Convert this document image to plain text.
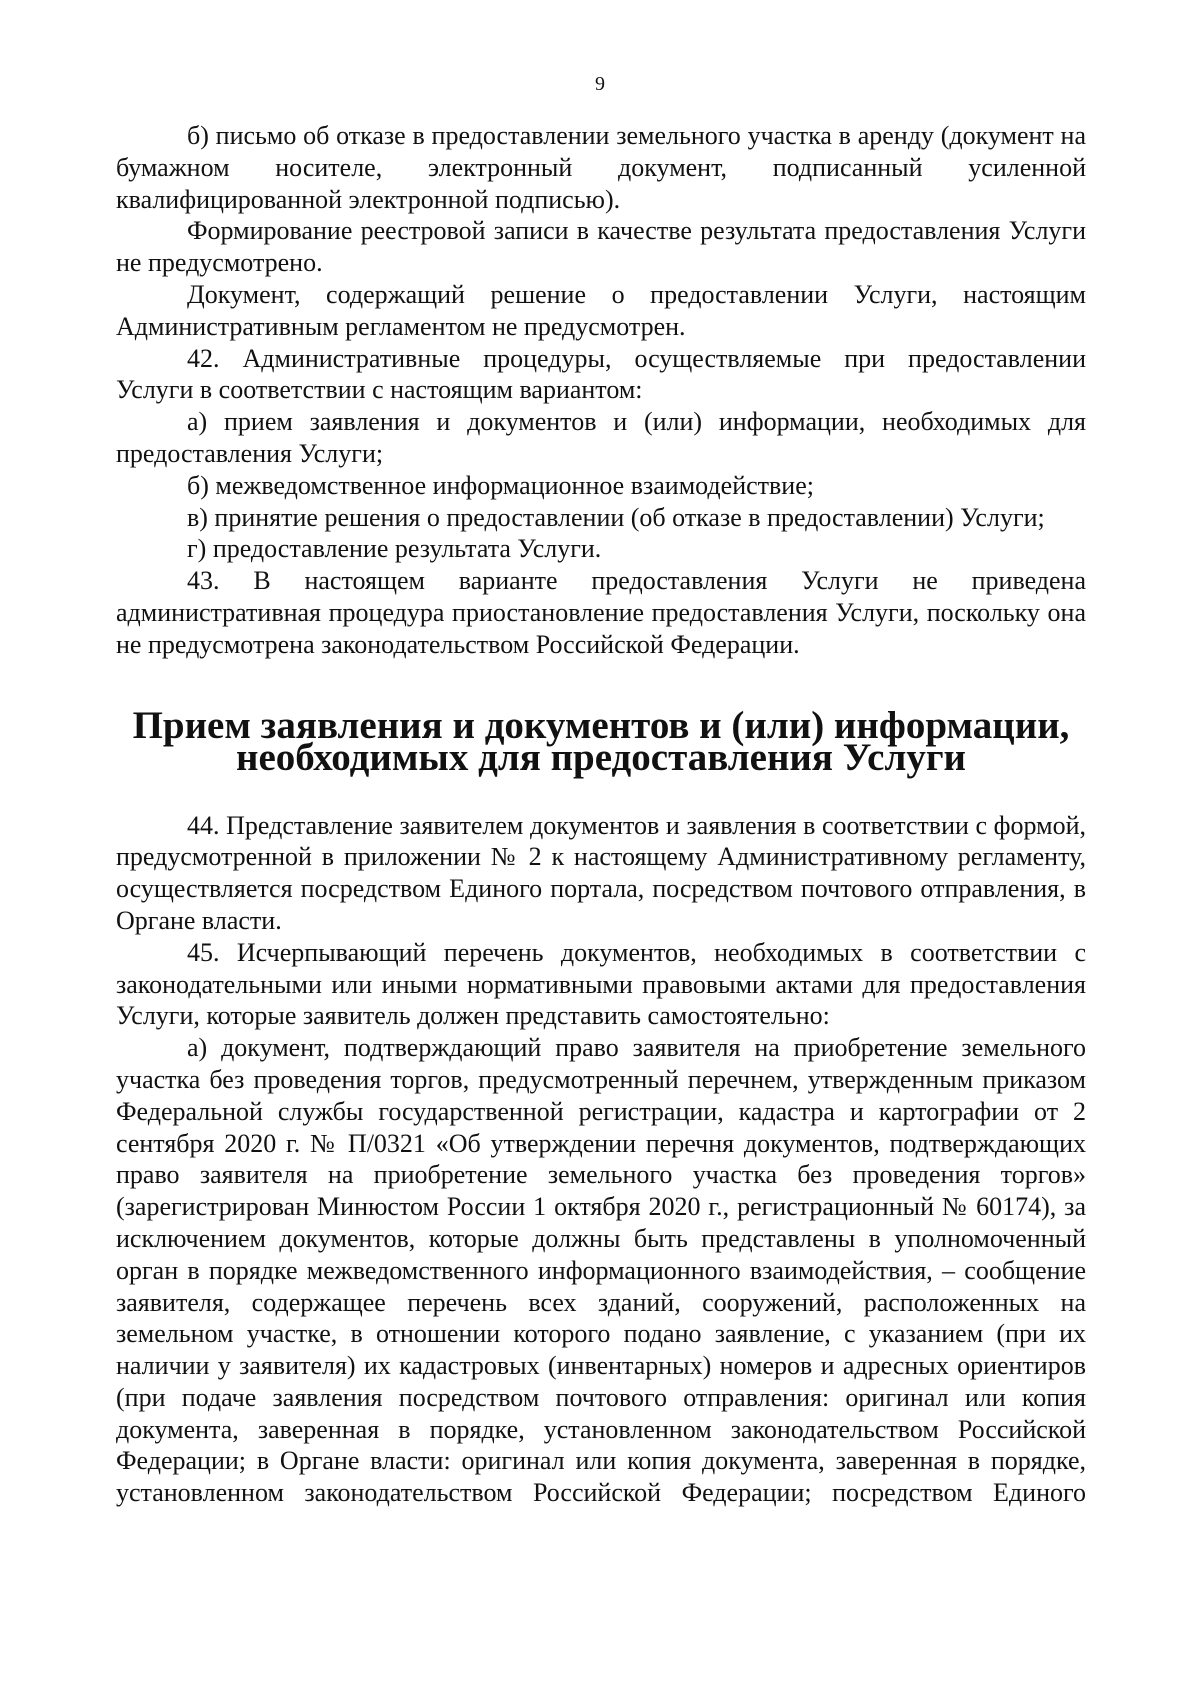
9

б) письмо об отказе в предоставлении земельного участка в аренду (документ на бумажном носителе, электронный документ, подписанный усиленной квалифицированной электронной подписью).

Формирование реестровой записи в качестве результата предоставления Услуги не предусмотрено.

Документ, содержащий решение о предоставлении Услуги, настоящим Административным регламентом не предусмотрен.

42. Административные процедуры, осуществляемые при предоставлении Услуги в соответствии с настоящим вариантом:

а) прием заявления и документов и (или) информации, необходимых для предоставления Услуги;

б) межведомственное информационное взаимодействие;

в) принятие решения о предоставлении (об отказе в предоставлении) Услуги;

г) предоставление результата Услуги.

43. В настоящем варианте предоставления Услуги не приведена административная процедура приостановление предоставления Услуги, поскольку она не предусмотрена законодательством Российской Федерации.

Прием заявления и документов и (или) информации, необходимых для предоставления Услуги

44. Представление заявителем документов и заявления в соответствии с формой, предусмотренной в приложении № 2 к настоящему Административному регламенту, осуществляется посредством Единого портала, посредством почтового отправления, в Органе власти.

45. Исчерпывающий перечень документов, необходимых в соответствии с законодательными или иными нормативными правовыми актами для предоставления Услуги, которые заявитель должен представить самостоятельно:

а) документ, подтверждающий право заявителя на приобретение земельного участка без проведения торгов, предусмотренный перечнем, утвержденным приказом Федеральной службы государственной регистрации, кадастра и картографии от 2 сентября 2020 г. № П/0321 «Об утверждении перечня документов, подтверждающих право заявителя на приобретение земельного участка без проведения торгов» (зарегистрирован Минюстом России 1 октября 2020 г., регистрационный № 60174), за исключением документов, которые должны быть представлены в уполномоченный орган в порядке межведомственного информационного взаимодействия, – сообщение заявителя, содержащее перечень всех зданий, сооружений, расположенных на земельном участке, в отношении которого подано заявление, с указанием (при их наличии у заявителя) их кадастровых (инвентарных) номеров и адресных ориентиров (при подаче заявления посредством почтового отправления: оригинал или копия документа, заверенная в порядке, установленном законодательством Российской Федерации; в Органе власти: оригинал или копия документа, заверенная в порядке, установленном законодательством Российской Федерации; посредством Единого
